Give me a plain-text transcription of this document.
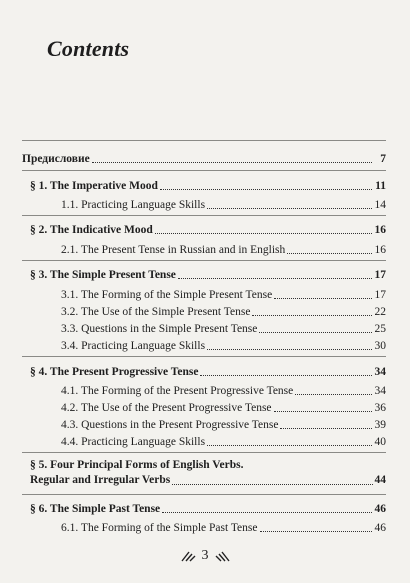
Contents
Предисловие	7
§ 1. The Imperative Mood	11
1.1. Practicing Language Skills	14
§ 2. The Indicative Mood	16
2.1. The Present Tense in Russian and in English	16
§ 3. The Simple Present Tense	17
3.1. The Forming of the Simple Present Tense	17
3.2. The Use of the Simple Present Tense	22
3.3. Questions in the Simple Present Tense	25
3.4. Practicing Language Skills	30
§ 4. The Present Progressive Tense	34
4.1. The Forming of the Present Progressive Tense	34
4.2. The Use of the Present Progressive Tense	36
4.3. Questions in the Present Progressive Tense	39
4.4. Practicing Language Skills	40
§ 5. Four Principal Forms of English Verbs.
Regular and Irregular Verbs	44
§ 6. The Simple Past Tense	46
6.1. The Forming of the Simple Past Tense	46
3
